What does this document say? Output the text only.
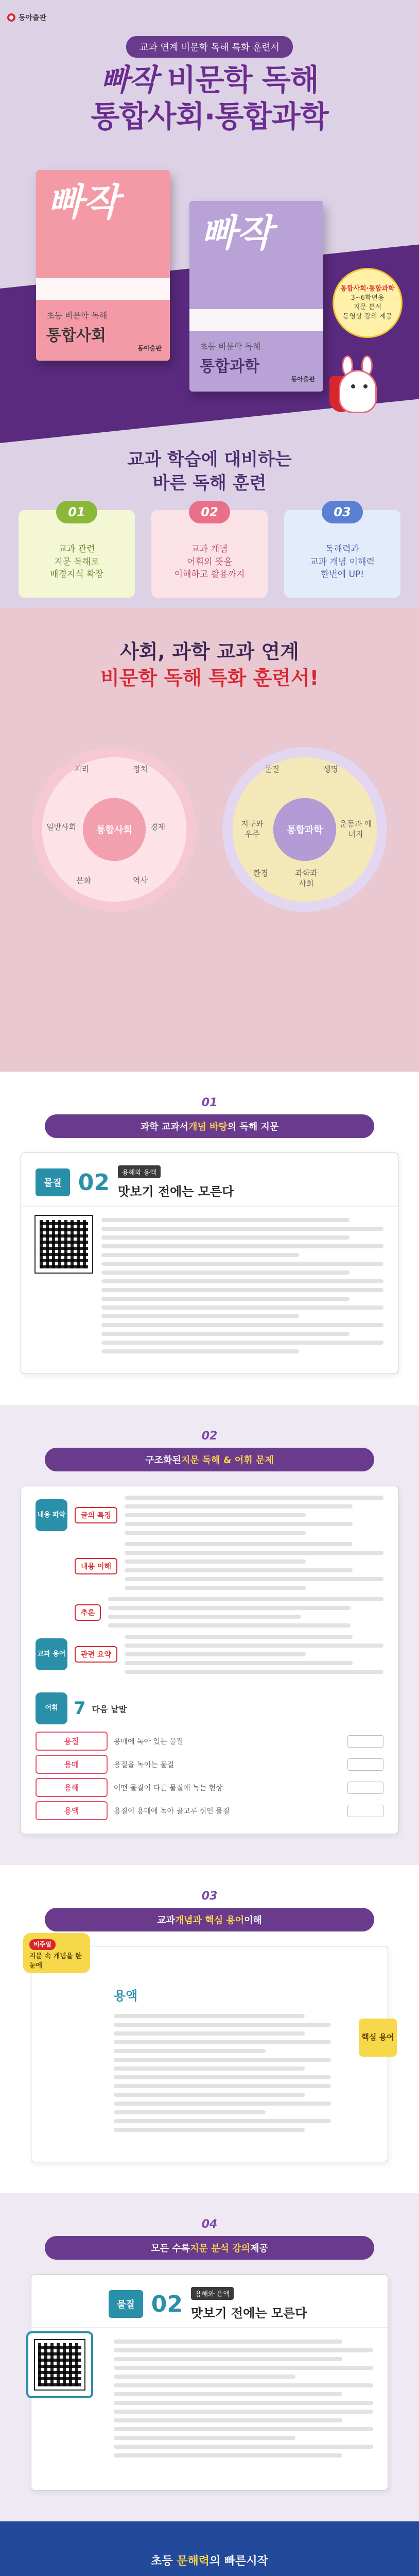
동아출판
교과 연계 비문학 독해 특화 훈련서
빠작 비문학 독해
통합사회·통합과학
빠작
초등 비문학 독해
통합사회
동아출판
빠작
초등 비문학 독해
통합과학
동아출판
통합사회·통합과학
3~6학년용
지문 분석
동영상 강의 제공
교과 학습에 대비하는
바른 독해 훈련
01
교과 관련
지문 독해로
배경지식 확장
02
교과 개념
어휘의 뜻을
이해하고 활용까지
03
독해력과
교과 개념 이해력
한번에 UP!
사회, 과학 교과 연계
비문학 독해 특화 훈련서!
통합사회
지리	정치
경제
역사
일반사회
문화
통합과학
물질	생명
지구와 우주
운동과 에너지
과학과 사회
환경
01
과학 교과서 개념 바탕 의 독해 지문
물질 02	용해와 용액
맛보기 전에는 모른다
02
구조화된 지문 독해 & 어휘 문제
내용 파악	글의 특징
내용 이해
추론
교과 용어	관련 요약
어휘 7 다음 낱말
용질	용매에 녹아 있는 물질
용매	용질을 녹이는 물질
용해	어떤 물질이 다른 물질에 녹는 현상
용액	용질이 용매에 녹아 골고루 섞인 물질
03
교과 개념과 핵심 용어 이해
비주얼
지문 속 개념을 한눈에
용액
핵심 용어
04
모든 수록 지문 분석 강의 제공
물질 02	용해와 용액
맛보기 전에는 모른다
초등 문해력의 빠른시작
